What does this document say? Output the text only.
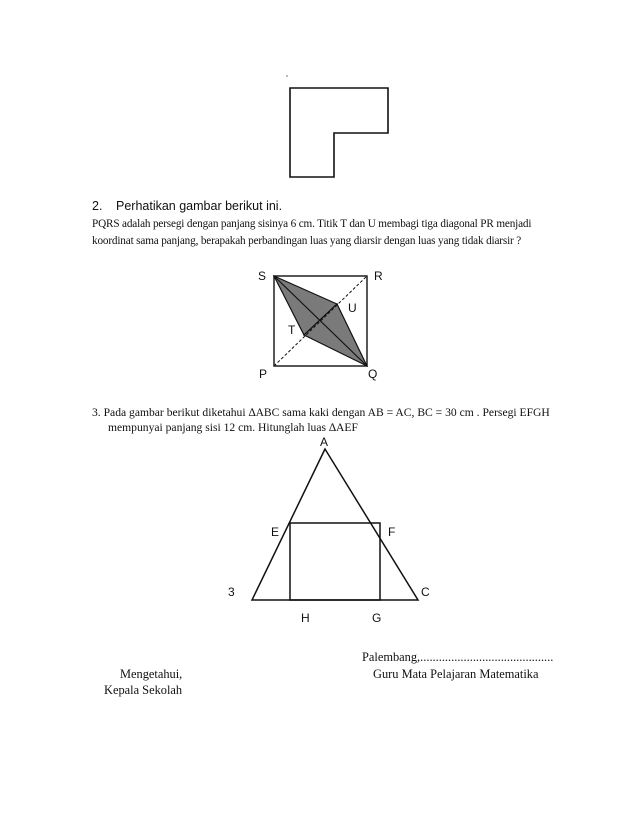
2. Perhatikan gambar berikut ini.
PQRS adalah persegi dengan panjang sisinya 6 cm. Titik T dan U membagi tiga diagonal PR menjadi
koordinat sama panjang, berapakah perbandingan luas yang diarsir dengan luas yang tidak diarsir ?
S	R
U
T
P	Q
3. Pada gambar berikut diketahui ∆ABC sama kaki dengan AB = AC, BC = 30 cm . Persegi EFGH
mempunyai panjang sisi 12 cm. Hitunglah luas ∆AEF
A
E	F
3	C
H	G
Palembang,...........................................
Mengetahui,	Guru Mata Pelajaran Matematika
Kepala Sekolah
